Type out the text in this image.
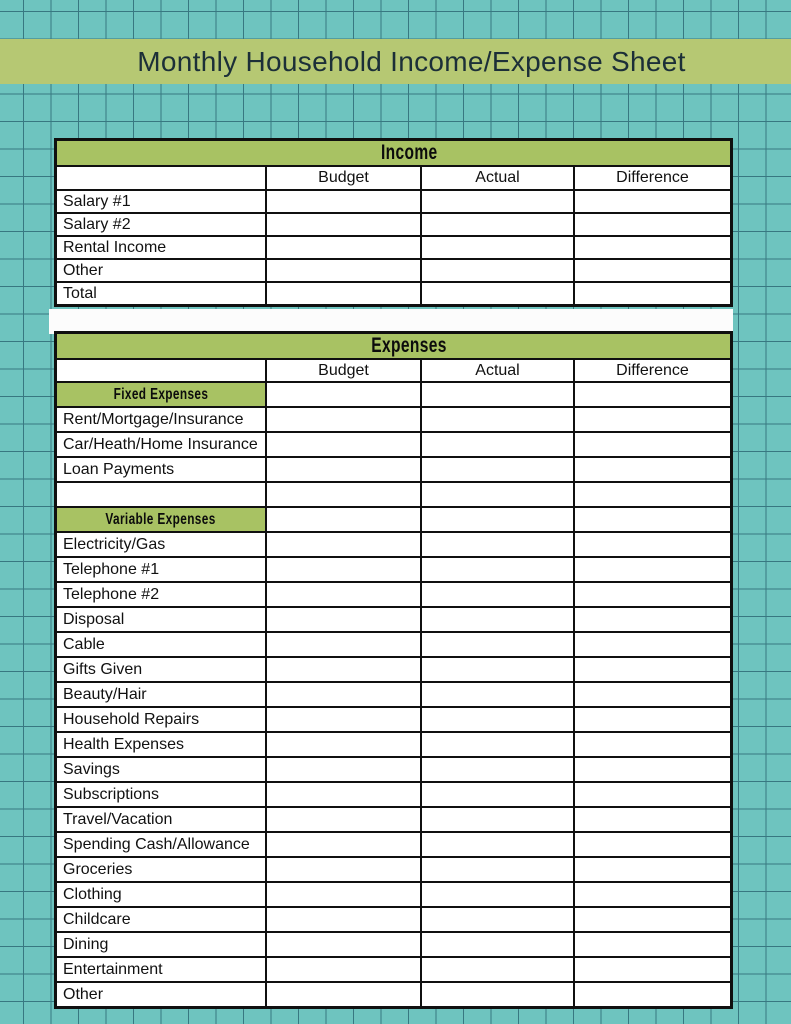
Monthly Household Income/Expense Sheet
Income
Budget	Actual	Difference
Salary #1
Salary #2
Rental Income
Other
Total
Expenses
Budget	Actual	Difference
Fixed Expenses
Rent/Mortgage/Insurance
Car/Heath/Home Insurance
Loan Payments
Variable Expenses
Electricity/Gas
Telephone #1
Telephone #2
Disposal
Cable
Gifts Given
Beauty/Hair
Household Repairs
Health Expenses
Savings
Subscriptions
Travel/Vacation
Spending Cash/Allowance
Groceries
Clothing
Childcare
Dining
Entertainment
Other
